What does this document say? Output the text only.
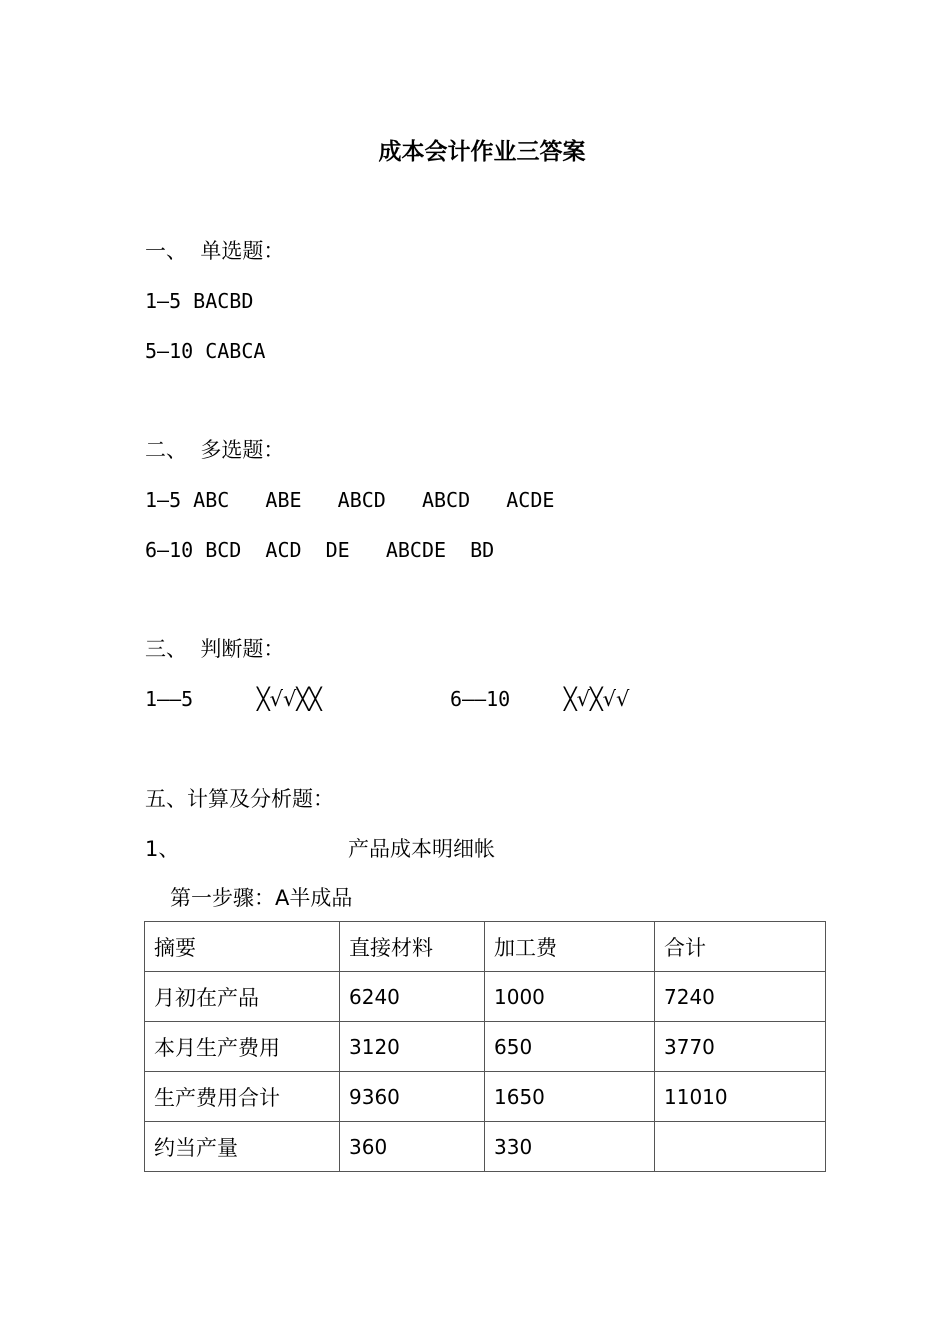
成本会计作业三答案
一、  单选题：
1—5 BACBD
5—10 CABCA
二、  多选题：
1—5 ABC   ABE   ABCD   ABCD   ACDE
6—10 BCD  ACD  DE   ABCDE  BD
三、  判断题：
1——5	╳√√╳╳	6——10	╳√╳√√
五、计算及分析题：
1、	产品成本明细帐
第一步骤：A半成品
摘要	直接材料	加工费	合计
月初在产品	6240	1000	7240
本月生产费用	3120	650	3770
生产费用合计	9360	1650	11010
约当产量	360	330	
